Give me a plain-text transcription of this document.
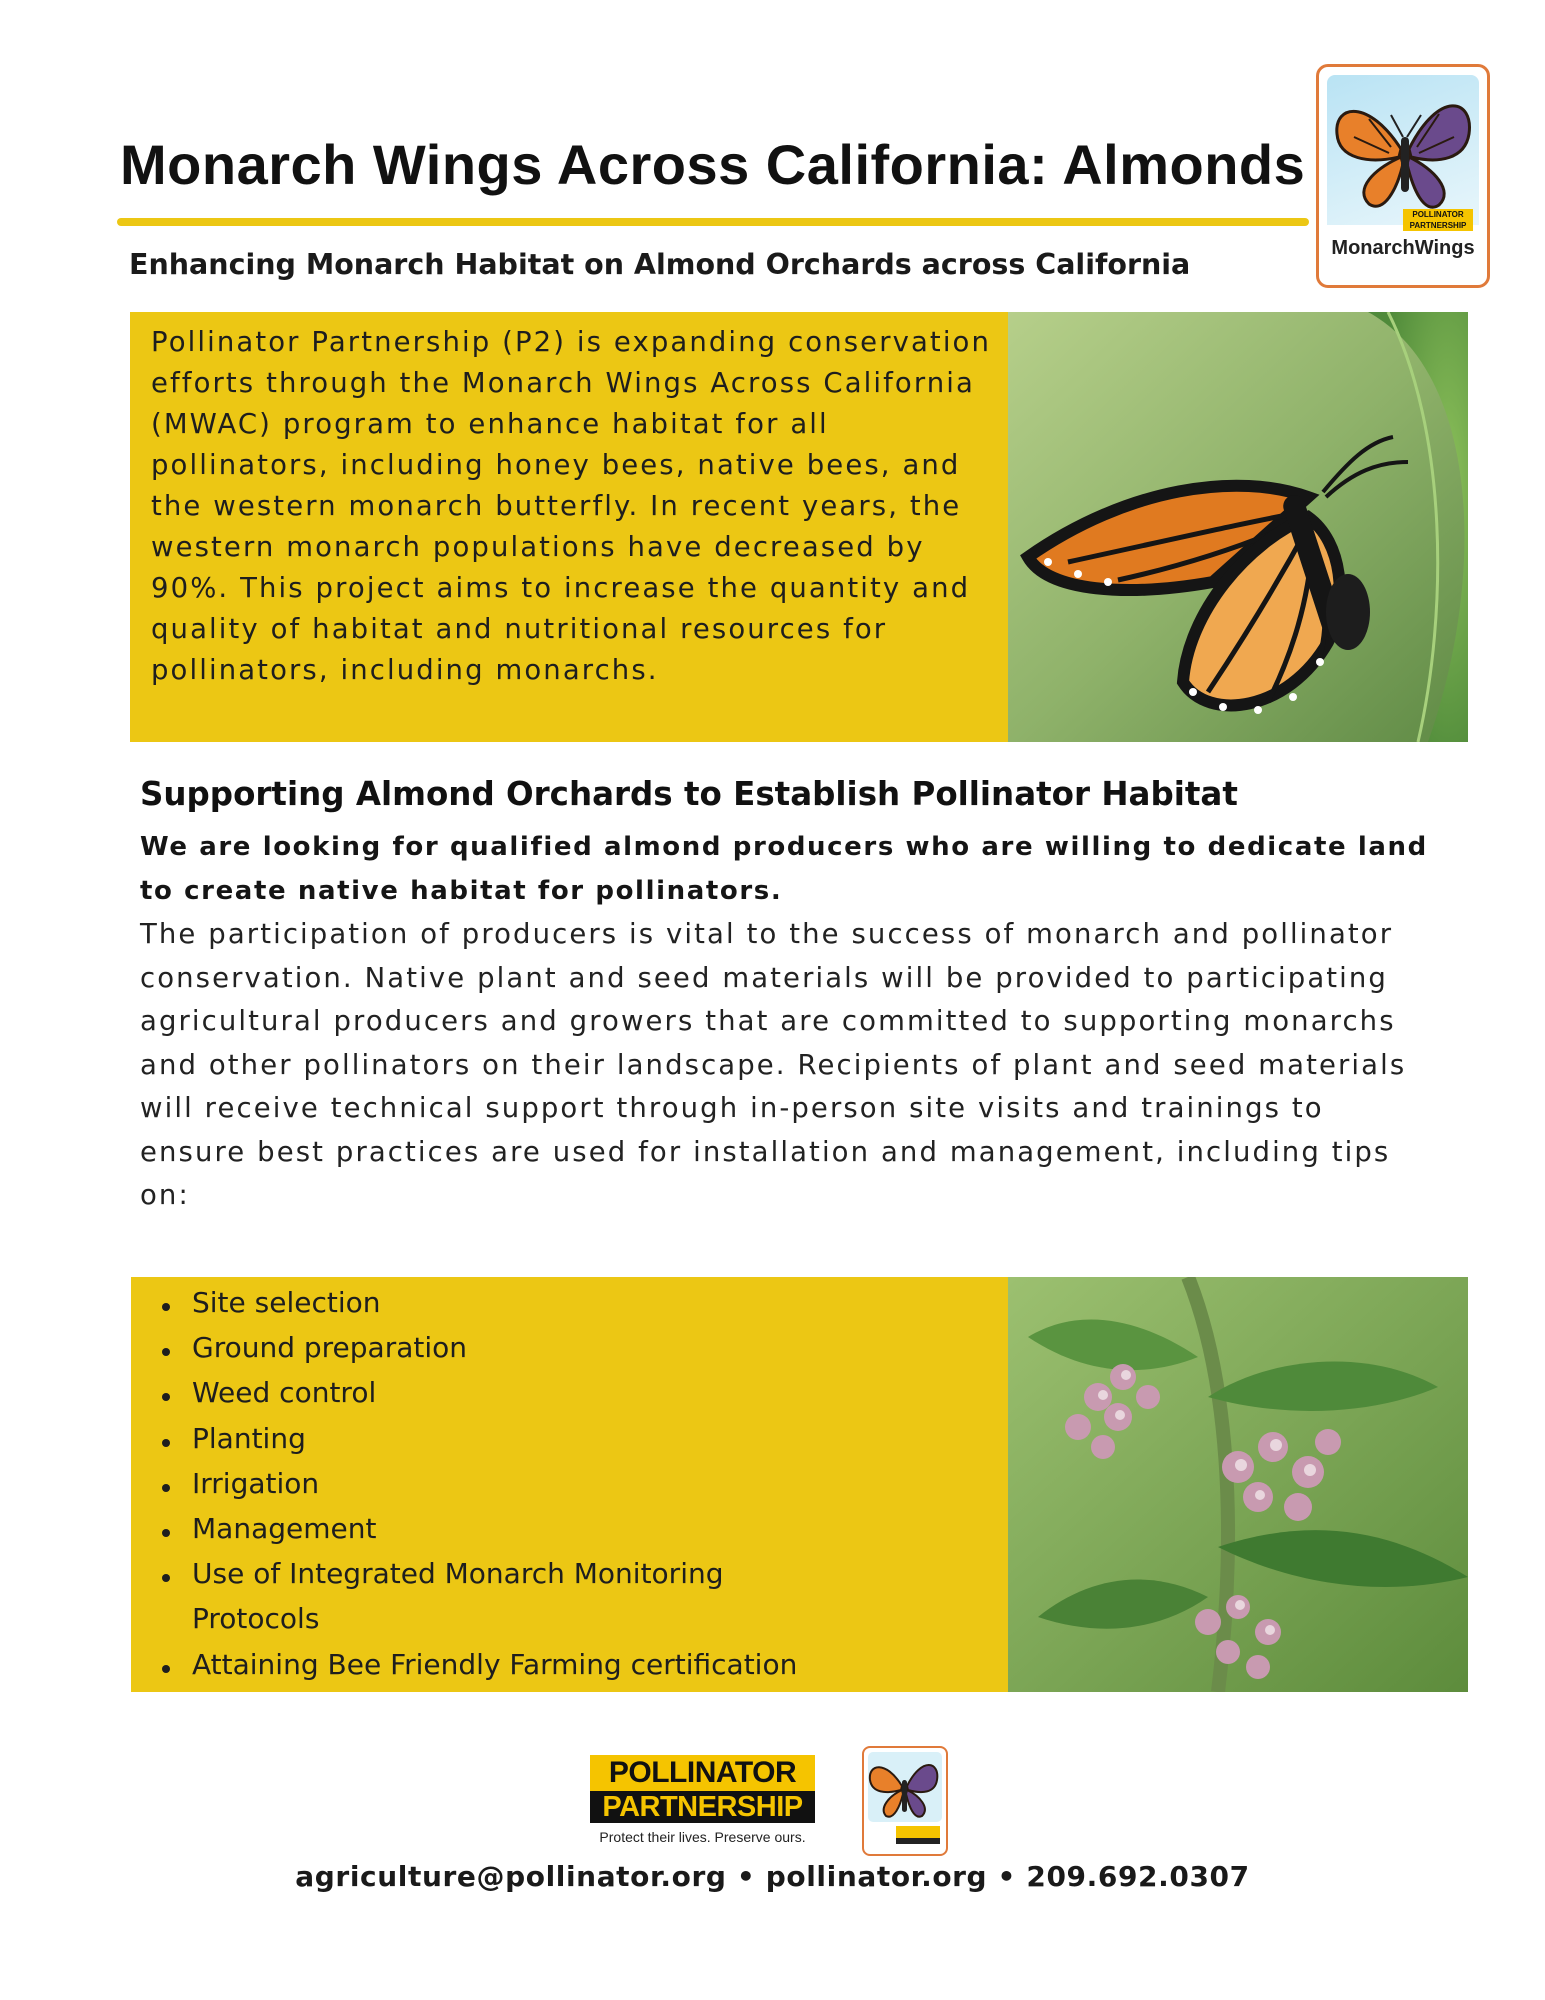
Monarch Wings Across California: Almonds
Enhancing Monarch Habitat on Almond Orchards across California
POLLINATOR PARTNERSHIP
MonarchWings

Pollinator Partnership (P2) is expanding conservation efforts through the Monarch Wings Across California (MWAC) program to enhance habitat for all pollinators, including honey bees, native bees, and the western monarch butterfly. In recent years, the western monarch populations have decreased by 90%. This project aims to increase the quantity and quality of habitat and nutritional resources for pollinators, including monarchs.

Supporting Almond Orchards to Establish Pollinator Habitat

We are looking for qualified almond producers who are willing to dedicate land to create native habitat for pollinators.

The participation of producers is vital to the success of monarch and pollinator conservation. Native plant and seed materials will be provided to participating agricultural producers and growers that are committed to supporting monarchs and other pollinators on their landscape. Recipients of plant and seed materials will receive technical support through in-person site visits and trainings to ensure best practices are used for installation and management, including tips on:

Site selection
Ground preparation
Weed control
Planting
Irrigation
Management
Use of Integrated Monarch Monitoring Protocols
Attaining Bee Friendly Farming certification
POLLINATOR
PARTNERSHIP
Protect their lives. Preserve ours.

agriculture@pollinator.org • pollinator.org • 209.692.0307
